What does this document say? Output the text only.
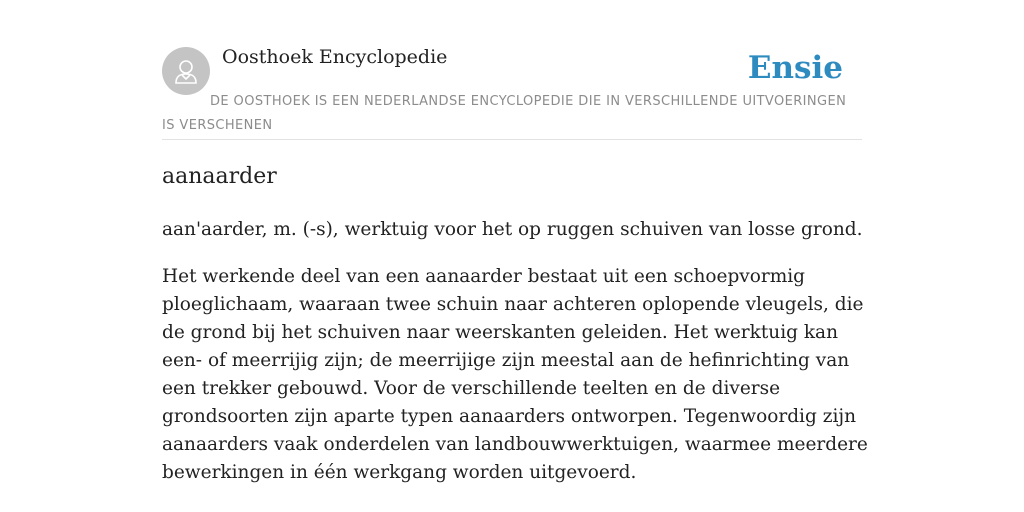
Oosthoek Encyclopedie	Ensie
DE OOSTHOEK IS EEN NEDERLANDSE ENCYCLOPEDIE DIE IN VERSCHILLENDE UITVOERINGEN IS VERSCHENEN
aanaarder

aan'aarder, m. (-s), werktuig voor het op ruggen schuiven van losse grond.

Het werkende deel van een aanaarder bestaat uit een schoepvormig ploeglichaam, waaraan twee schuin naar achteren oplopende vleugels, die de grond bij het schuiven naar weerskanten geleiden. Het werktuig kan een- of meerrijig zijn; de meerrijige zijn meestal aan de hefinrichting van een trekker gebouwd. Voor de verschillende teelten en de diverse grondsoorten zijn aparte typen aanaarders ontworpen. Tegenwoordig zijn aanaarders vaak onderdelen van landbouwwerktuigen, waarmee meerdere bewerkingen in één werkgang worden uitgevoerd.
